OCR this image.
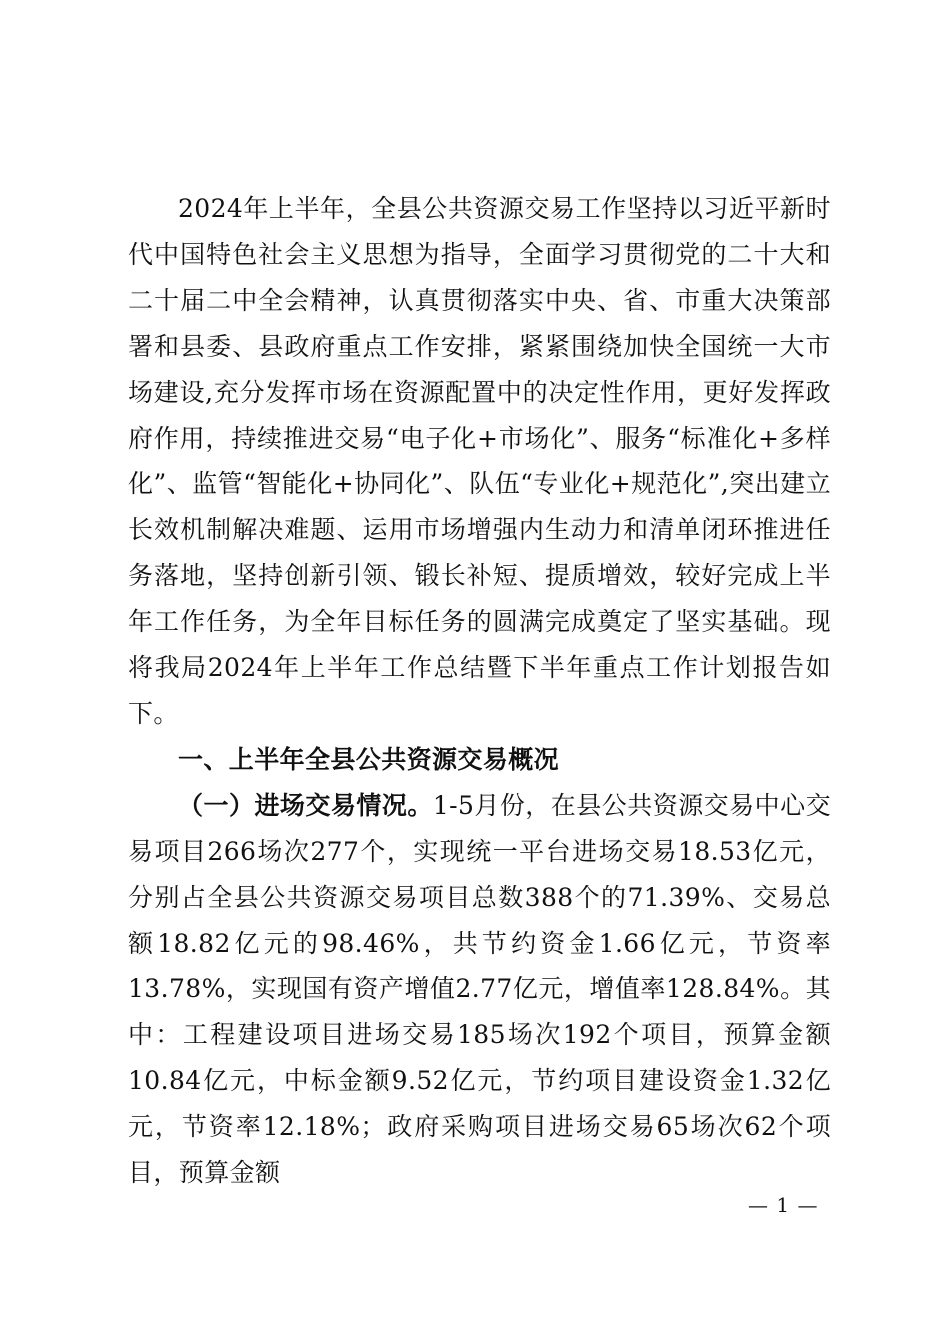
2024年上半年，全县公共资源交易工作坚持以习近平新时代中国特色社会主义思想为指导，全面学习贯彻党的二十大和二十届二中全会精神，认真贯彻落实中央、省、市重大决策部署和县委、县政府重点工作安排，紧紧围绕加快全国统一大市场建设,充分发挥市场在资源配置中的决定性作用，更好发挥政府作用，持续推进交易“电子化+市场化”、服务“标准化+多样化”、监管“智能化+协同化”、队伍“专业化+规范化”,突出建立长效机制解决难题、运用市场增强内生动力和清单闭环推进任务落地，坚持创新引领、锻长补短、提质增效，较好完成上半年工作任务，为全年目标任务的圆满完成奠定了坚实基础。现将我局2024年上半年工作总结暨下半年重点工作计划报告如下。

一、上半年全县公共资源交易概况

（一）进场交易情况。1-5月份，在县公共资源交易中心交易项目266场次277个，实现统一平台进场交易18.53亿元，分别占全县公共资源交易项目总数388个的71.39%、交易总额18.82亿元的98.46%，共节约资金1.66亿元，节资率13.78%，实现国有资产增值2.77亿元，增值率128.84%。其中：工程建设项目进场交易185场次192个项目，预算金额10.84亿元，中标金额9.52亿元，节约项目建设资金1.32亿元，节资率12.18%；政府采购项目进场交易65场次62个项目，预算金额

— 1 —
